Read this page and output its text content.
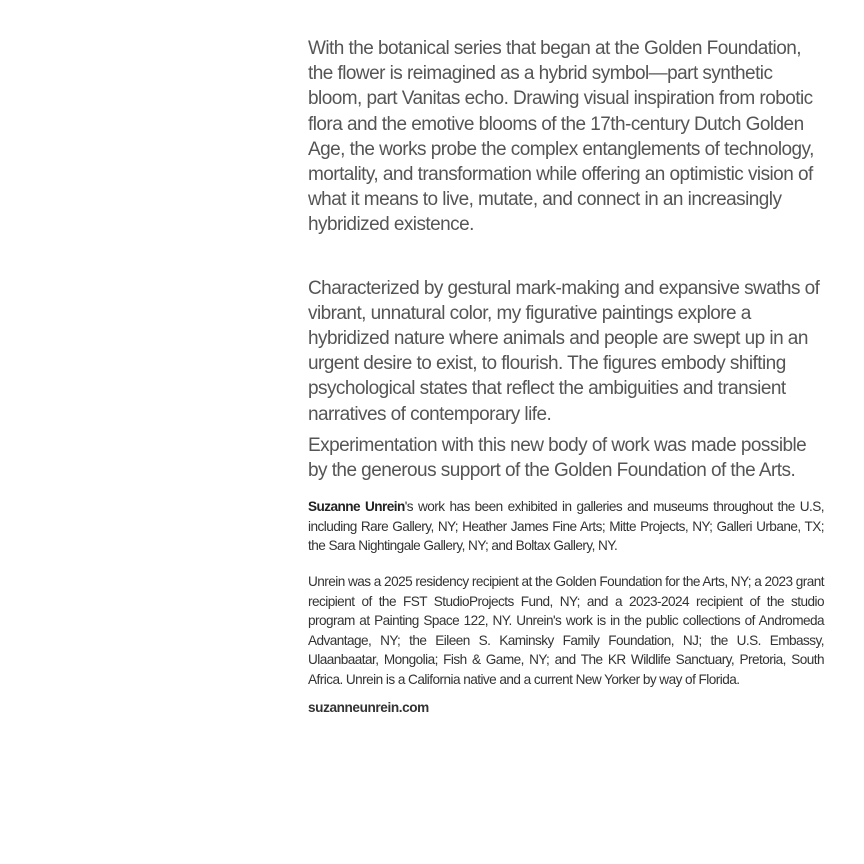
With the botanical series that began at the Golden Foundation, the flower is reimagined as a hybrid symbol—part synthetic bloom, part Vanitas echo. Drawing visual inspiration from robotic flora and the emotive blooms of the 17th-century Dutch Golden Age, the works probe the complex entanglements of technology, mortality, and transformation while offering an optimistic vision of what it means to live, mutate, and connect in an increasingly hybridized existence.

Characterized by gestural mark-making and expansive swaths of vibrant, unnatural color, my figurative paintings explore a hybridized nature where animals and people are swept up in an urgent desire to exist, to flourish. The figures embody shifting psychological states that reflect the ambiguities and transient narratives of contemporary life.

Experimentation with this new body of work was made possible by the generous support of the Golden Foundation of the Arts.

Suzanne Unrein's work has been exhibited in galleries and museums throughout the U.S, including Rare Gallery, NY; Heather James Fine Arts; Mitte Projects, NY; Galleri Urbane, TX; the Sara Nightingale Gallery, NY; and Boltax Gallery, NY.

Unrein was a 2025 residency recipient at the Golden Foundation for the Arts, NY; a 2023 grant recipient of the FST StudioProjects Fund, NY; and a 2023-2024 recipient of the studio program at Painting Space 122, NY. Unrein's work is in the public collections of Andromeda Advantage, NY; the Eileen S. Kaminsky Family Foundation, NJ; the U.S. Embassy, Ulaanbaatar, Mongolia; Fish & Game, NY; and The KR Wildlife Sanctuary, Pretoria, South Africa. Unrein is a California native and a current New Yorker by way of Florida.

suzanneunrein.com
